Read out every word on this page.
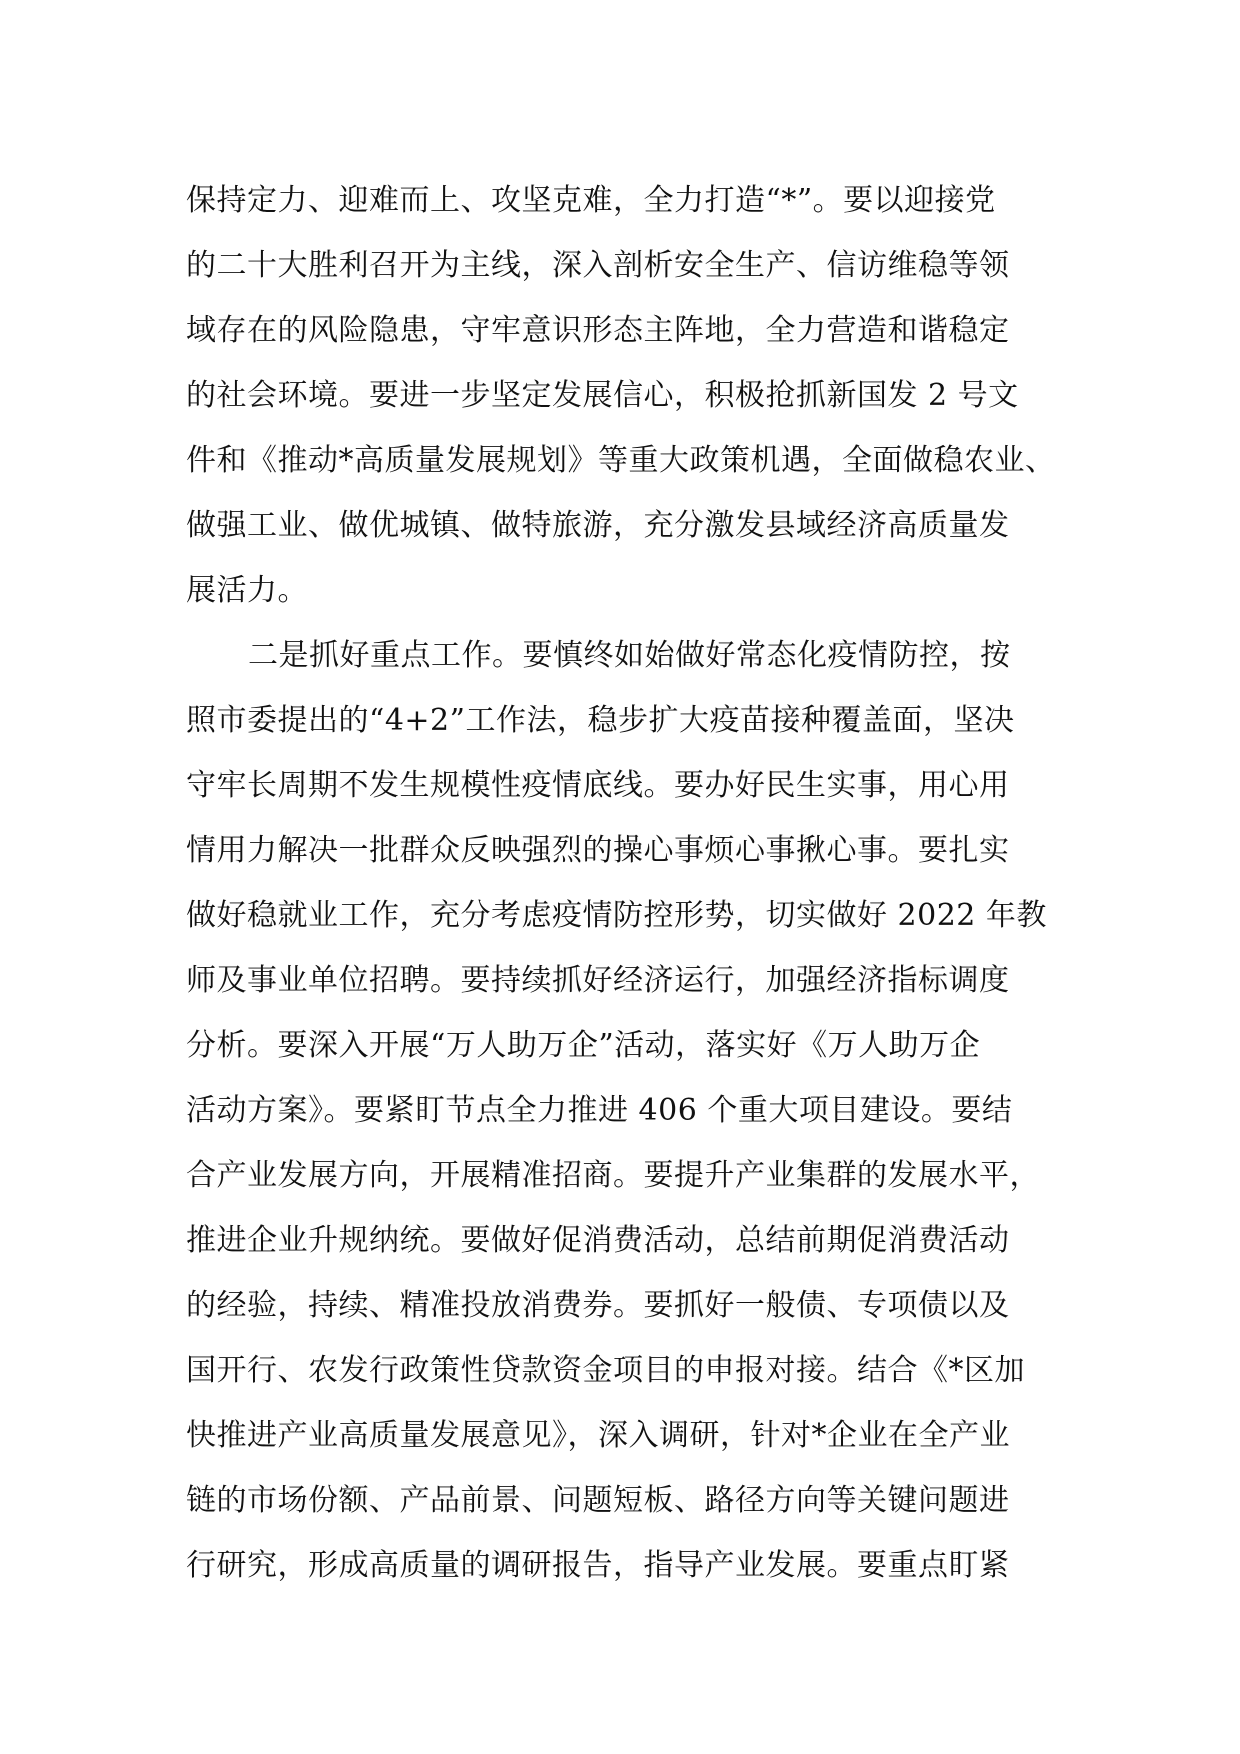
保持定力、迎难而上、攻坚克难，全力打造“*”。要以迎接党
的二十大胜利召开为主线，深入剖析安全生产、信访维稳等领
域存在的风险隐患，守牢意识形态主阵地，全力营造和谐稳定
的社会环境。要进一步坚定发展信心，积极抢抓新国发 2 号文
件和《推动*高质量发展规划》等重大政策机遇，全面做稳农业、
做强工业、做优城镇、做特旅游，充分激发县域经济高质量发
展活力。
二是抓好重点工作。要慎终如始做好常态化疫情防控，按
照市委提出的“4+2”工作法，稳步扩大疫苗接种覆盖面，坚决
守牢长周期不发生规模性疫情底线。要办好民生实事，用心用
情用力解决一批群众反映强烈的操心事烦心事揪心事。要扎实
做好稳就业工作，充分考虑疫情防控形势，切实做好 2022 年教
师及事业单位招聘。要持续抓好经济运行，加强经济指标调度
分析。要深入开展“万人助万企”活动，落实好《万人助万企
活动方案》。要紧盯节点全力推进 406 个重大项目建设。要结
合产业发展方向，开展精准招商。要提升产业集群的发展水平，
推进企业升规纳统。要做好促消费活动，总结前期促消费活动
的经验，持续、精准投放消费券。要抓好一般债、专项债以及
国开行、农发行政策性贷款资金项目的申报对接。结合《*区加
快推进产业高质量发展意见》，深入调研，针对*企业在全产业
链的市场份额、产品前景、问题短板、路径方向等关键问题进
行研究，形成高质量的调研报告，指导产业发展。要重点盯紧
